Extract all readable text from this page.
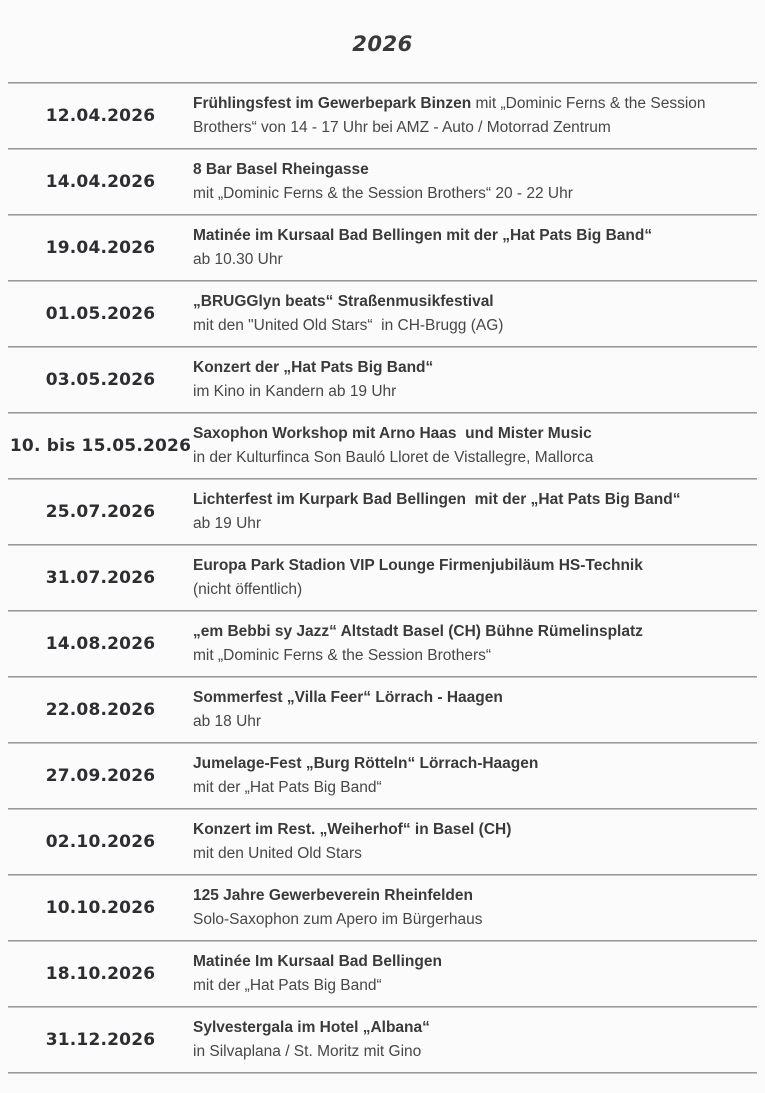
2026
12.04.2026

Frühlingsfest im Gewerbepark Binzen mit „Dominic Ferns & the Session Brothers“ von 14 - 17 Uhr bei AMZ - Auto / Motorrad Zentrum

14.04.2026

8 Bar Basel Rheingasse

mit „Dominic Ferns & the Session Brothers“ 20 - 22 Uhr

19.04.2026

Matinée im Kursaal Bad Bellingen mit der „Hat Pats Big Band“

ab 10.30 Uhr

01.05.2026

„BRUGGlyn beats“ Straßenmusikfestival

mit den "United Old Stars“  in CH-Brugg (AG)

03.05.2026

Konzert der „Hat Pats Big Band“

im Kino in Kandern ab 19 Uhr

10. bis 15.05.2026

Saxophon Workshop mit Arno Haas  und Mister Music

in der Kulturfinca Son Bauló Lloret de Vistallegre, Mallorca

25.07.2026

Lichterfest im Kurpark Bad Bellingen  mit der „Hat Pats Big Band“

ab 19 Uhr

31.07.2026

Europa Park Stadion VIP Lounge Firmenjubiläum HS-Technik

(nicht öffentlich)

14.08.2026

„em Bebbi sy Jazz“ Altstadt Basel (CH) Bühne Rümelinsplatz

mit „Dominic Ferns & the Session Brothers“

22.08.2026

Sommerfest „Villa Feer“ Lörrach - Haagen

ab 18 Uhr

27.09.2026

Jumelage-Fest „Burg Rötteln“ Lörrach-Haagen

mit der „Hat Pats Big Band“

02.10.2026

Konzert im Rest. „Weiherhof“ in Basel (CH)

mit den United Old Stars

10.10.2026

125 Jahre Gewerbeverein Rheinfelden

Solo-Saxophon zum Apero im Bürgerhaus

18.10.2026

Matinée Im Kursaal Bad Bellingen

mit der „Hat Pats Big Band“

31.12.2026

Sylvestergala im Hotel „Albana“

in Silvaplana / St. Moritz mit Gino
